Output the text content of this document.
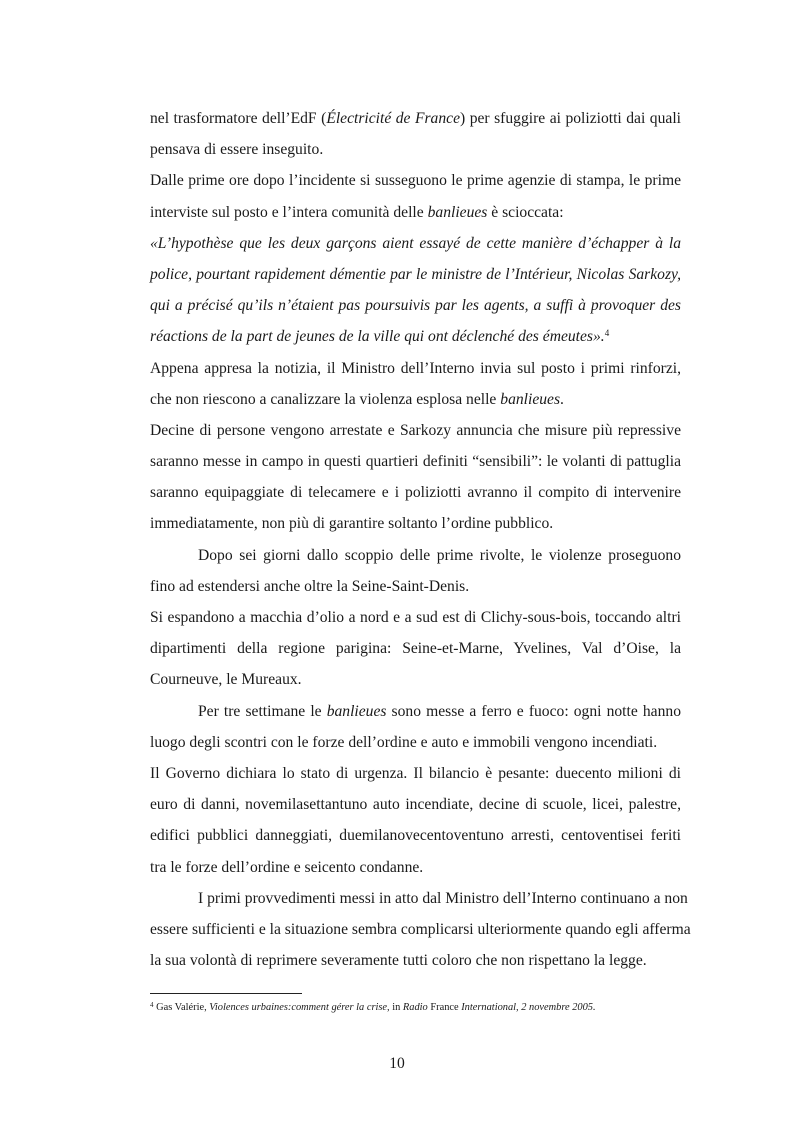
nel trasformatore dell’EdF (Électricité de France) per sfuggire ai poliziotti dai quali
pensava di essere inseguito.
Dalle prime ore dopo l’incidente si susseguono le prime agenzie di stampa, le prime
interviste sul posto e l’intera comunità delle banlieues è scioccata:
«L’hypothèse que les deux garçons aient essayé de cette manière d’échapper à la
police, pourtant rapidement démentie par le ministre de l’Intérieur, Nicolas Sarkozy,
qui a précisé qu’ils n’étaient pas poursuivis par les agents, a suffi à provoquer des
réactions de la part de jeunes de la ville qui ont déclenché des émeutes».$^4$
Appena appresa la notizia, il Ministro dell’Interno invia sul posto i primi rinforzi,
che non riescono a canalizzare la violenza esplosa nelle banlieues.
Decine di persone vengono arrestate e Sarkozy annuncia che misure più repressive
saranno messe in campo in questi quartieri definiti “sensibili”: le volanti di pattuglia
saranno equipaggiate di telecamere e i poliziotti avranno il compito di intervenire
immediatamente, non più di garantire soltanto l’ordine pubblico.
Dopo sei giorni dallo scoppio delle prime rivolte, le violenze proseguono
fino ad estendersi anche oltre la Seine-Saint-Denis.
Si espandono a macchia d’olio a nord e a sud est di Clichy-sous-bois, toccando altri
dipartimenti della regione parigina: Seine-et-Marne, Yvelines, Val d’Oise, la
Courneuve, le Mureaux.
Per tre settimane le banlieues sono messe a ferro e fuoco: ogni notte hanno
luogo degli scontri con le forze dell’ordine e auto e immobili vengono incendiati.
Il Governo dichiara lo stato di urgenza. Il bilancio è pesante: duecento milioni di
euro di danni, novemilasettantuno auto incendiate, decine di scuole, licei, palestre,
edifici pubblici danneggiati, duemilanovecentoventuno arresti, centoventisei feriti
tra le forze dell’ordine e seicento condanne.
I primi provvedimenti messi in atto dal Ministro dell’Interno continuano a non
essere sufficienti e la situazione sembra complicarsi ulteriormente quando egli afferma
la sua volontà di reprimere severamente tutti coloro che non rispettano la legge.
$^4$ Gas Valérie, Violences urbaines:comment gérer la crise, in Radio France International, 2 novembre 2005.
10
